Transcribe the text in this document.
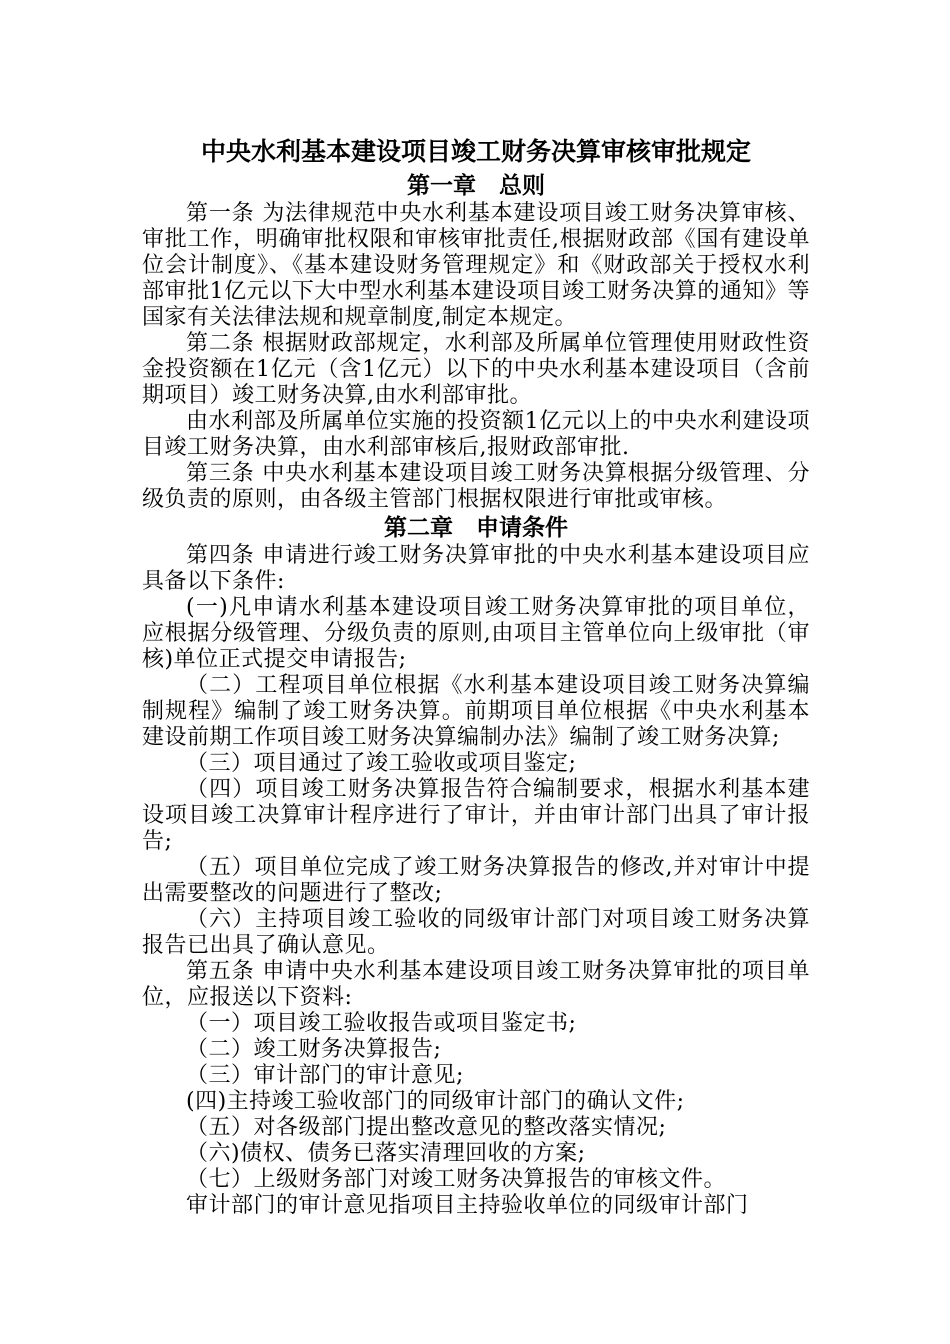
中央水利基本建设项目竣工财务决算审核审批规定
第一章　总则

第一条 为法律规范中央水利基本建设项目竣工财务决算审核、审批工作，明确审批权限和审核审批责任,根据财政部《国有建设单位会计制度》、《基本建设财务管理规定》和《财政部关于授权水利部审批1亿元以下大中型水利基本建设项目竣工财务决算的通知》等国家有关法律法规和规章制度,制定本规定。

第二条 根据财政部规定，水利部及所属单位管理使用财政性资金投资额在1亿元（含1亿元）以下的中央水利基本建设项目（含前期项目）竣工财务决算,由水利部审批。

由水利部及所属单位实施的投资额1亿元以上的中央水利建设项目竣工财务决算，由水利部审核后,报财政部审批.

第三条 中央水利基本建设项目竣工财务决算根据分级管理、分级负责的原则，由各级主管部门根据权限进行审批或审核。

第二章　申请条件

第四条 申请进行竣工财务决算审批的中央水利基本建设项目应具备以下条件:

(一)凡申请水利基本建设项目竣工财务决算审批的项目单位，应根据分级管理、分级负责的原则,由项目主管单位向上级审批（审核)单位正式提交申请报告;

（二）工程项目单位根据《水利基本建设项目竣工财务决算编制规程》编制了竣工财务决算。前期项目单位根据《中央水利基本建设前期工作项目竣工财务决算编制办法》编制了竣工财务决算;

（三）项目通过了竣工验收或项目鉴定;

（四）项目竣工财务决算报告符合编制要求，根据水利基本建设项目竣工决算审计程序进行了审计，并由审计部门出具了审计报告;

（五）项目单位完成了竣工财务决算报告的修改,并对审计中提出需要整改的问题进行了整改;

（六）主持项目竣工验收的同级审计部门对项目竣工财务决算报告已出具了确认意见。

第五条 申请中央水利基本建设项目竣工财务决算审批的项目单位，应报送以下资料:

（一）项目竣工验收报告或项目鉴定书;

（二）竣工财务决算报告;

（三）审计部门的审计意见;

(四)主持竣工验收部门的同级审计部门的确认文件;

（五）对各级部门提出整改意见的整改落实情况;

（六)债权、债务已落实清理回收的方案;

（七）上级财务部门对竣工财务决算报告的审核文件。

审计部门的审计意见指项目主持验收单位的同级审计部门
